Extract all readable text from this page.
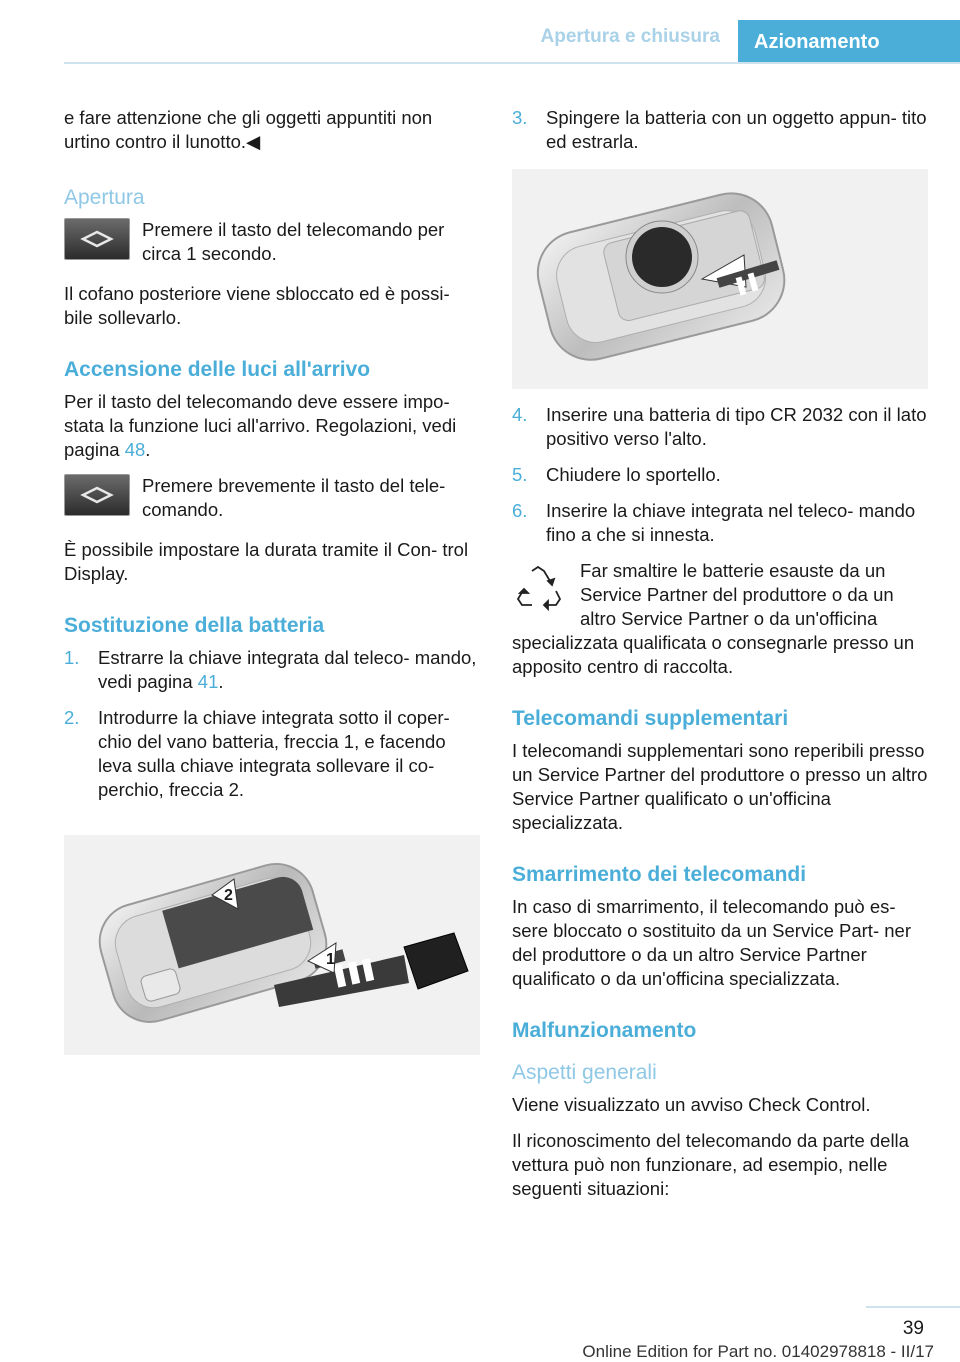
Apertura e chiusura	Azionamento

e fare attenzione che gli oggetti appuntiti non urtino contro il lunotto.◀

Apertura
Premere il tasto del telecomando per circa 1 secondo.

Il cofano posteriore viene sbloccato ed è possi‐ bile sollevarlo.

Accensione delle luci all'arrivo

Per il tasto del telecomando deve essere impo‐ stata la funzione luci all'arrivo. Regolazioni, vedi pagina 48.

Premere brevemente il tasto del tele‐ comando.

È possibile impostare la durata tramite il Con‐ trol Display.

Sostituzione della batteria
1.	Estrarre la chiave integrata dal teleco‐ mando, vedi pagina 41.
2.	Introdurre la chiave integrata sotto il coper‐ chio del vano batteria, freccia 1, e facendo leva sulla chiave integrata sollevare il co‐ perchio, freccia 2.
1
2
3.	Spingere la batteria con un oggetto appun‐ tito ed estrarla.
4.	Inserire una batteria di tipo CR 2032 con il lato positivo verso l'alto.
5.	Chiudere lo sportello.
6.	Inserire la chiave integrata nel teleco‐ mando fino a che si innesta.

Far smaltire le batterie esauste da un Service Partner del produttore o da un altro Service Partner o da un'officina specializzata qualificata o consegnarle presso un apposito centro di raccolta.

Telecomandi supplementari

I telecomandi supplementari sono reperibili presso un Service Partner del produttore o presso un altro Service Partner qualificato o un'officina specializzata.

Smarrimento dei telecomandi

In caso di smarrimento, il telecomando può es‐ sere bloccato o sostituito da un Service Part‐ ner del produttore o da un altro Service Partner qualificato o da un'officina specializzata.

Malfunzionamento
Aspetti generali

Viene visualizzato un avviso Check Control.

Il riconoscimento del telecomando da parte della vettura può non funzionare, ad esempio, nelle seguenti situazioni:

39
Online Edition for Part no. 01402978818 - II/17
